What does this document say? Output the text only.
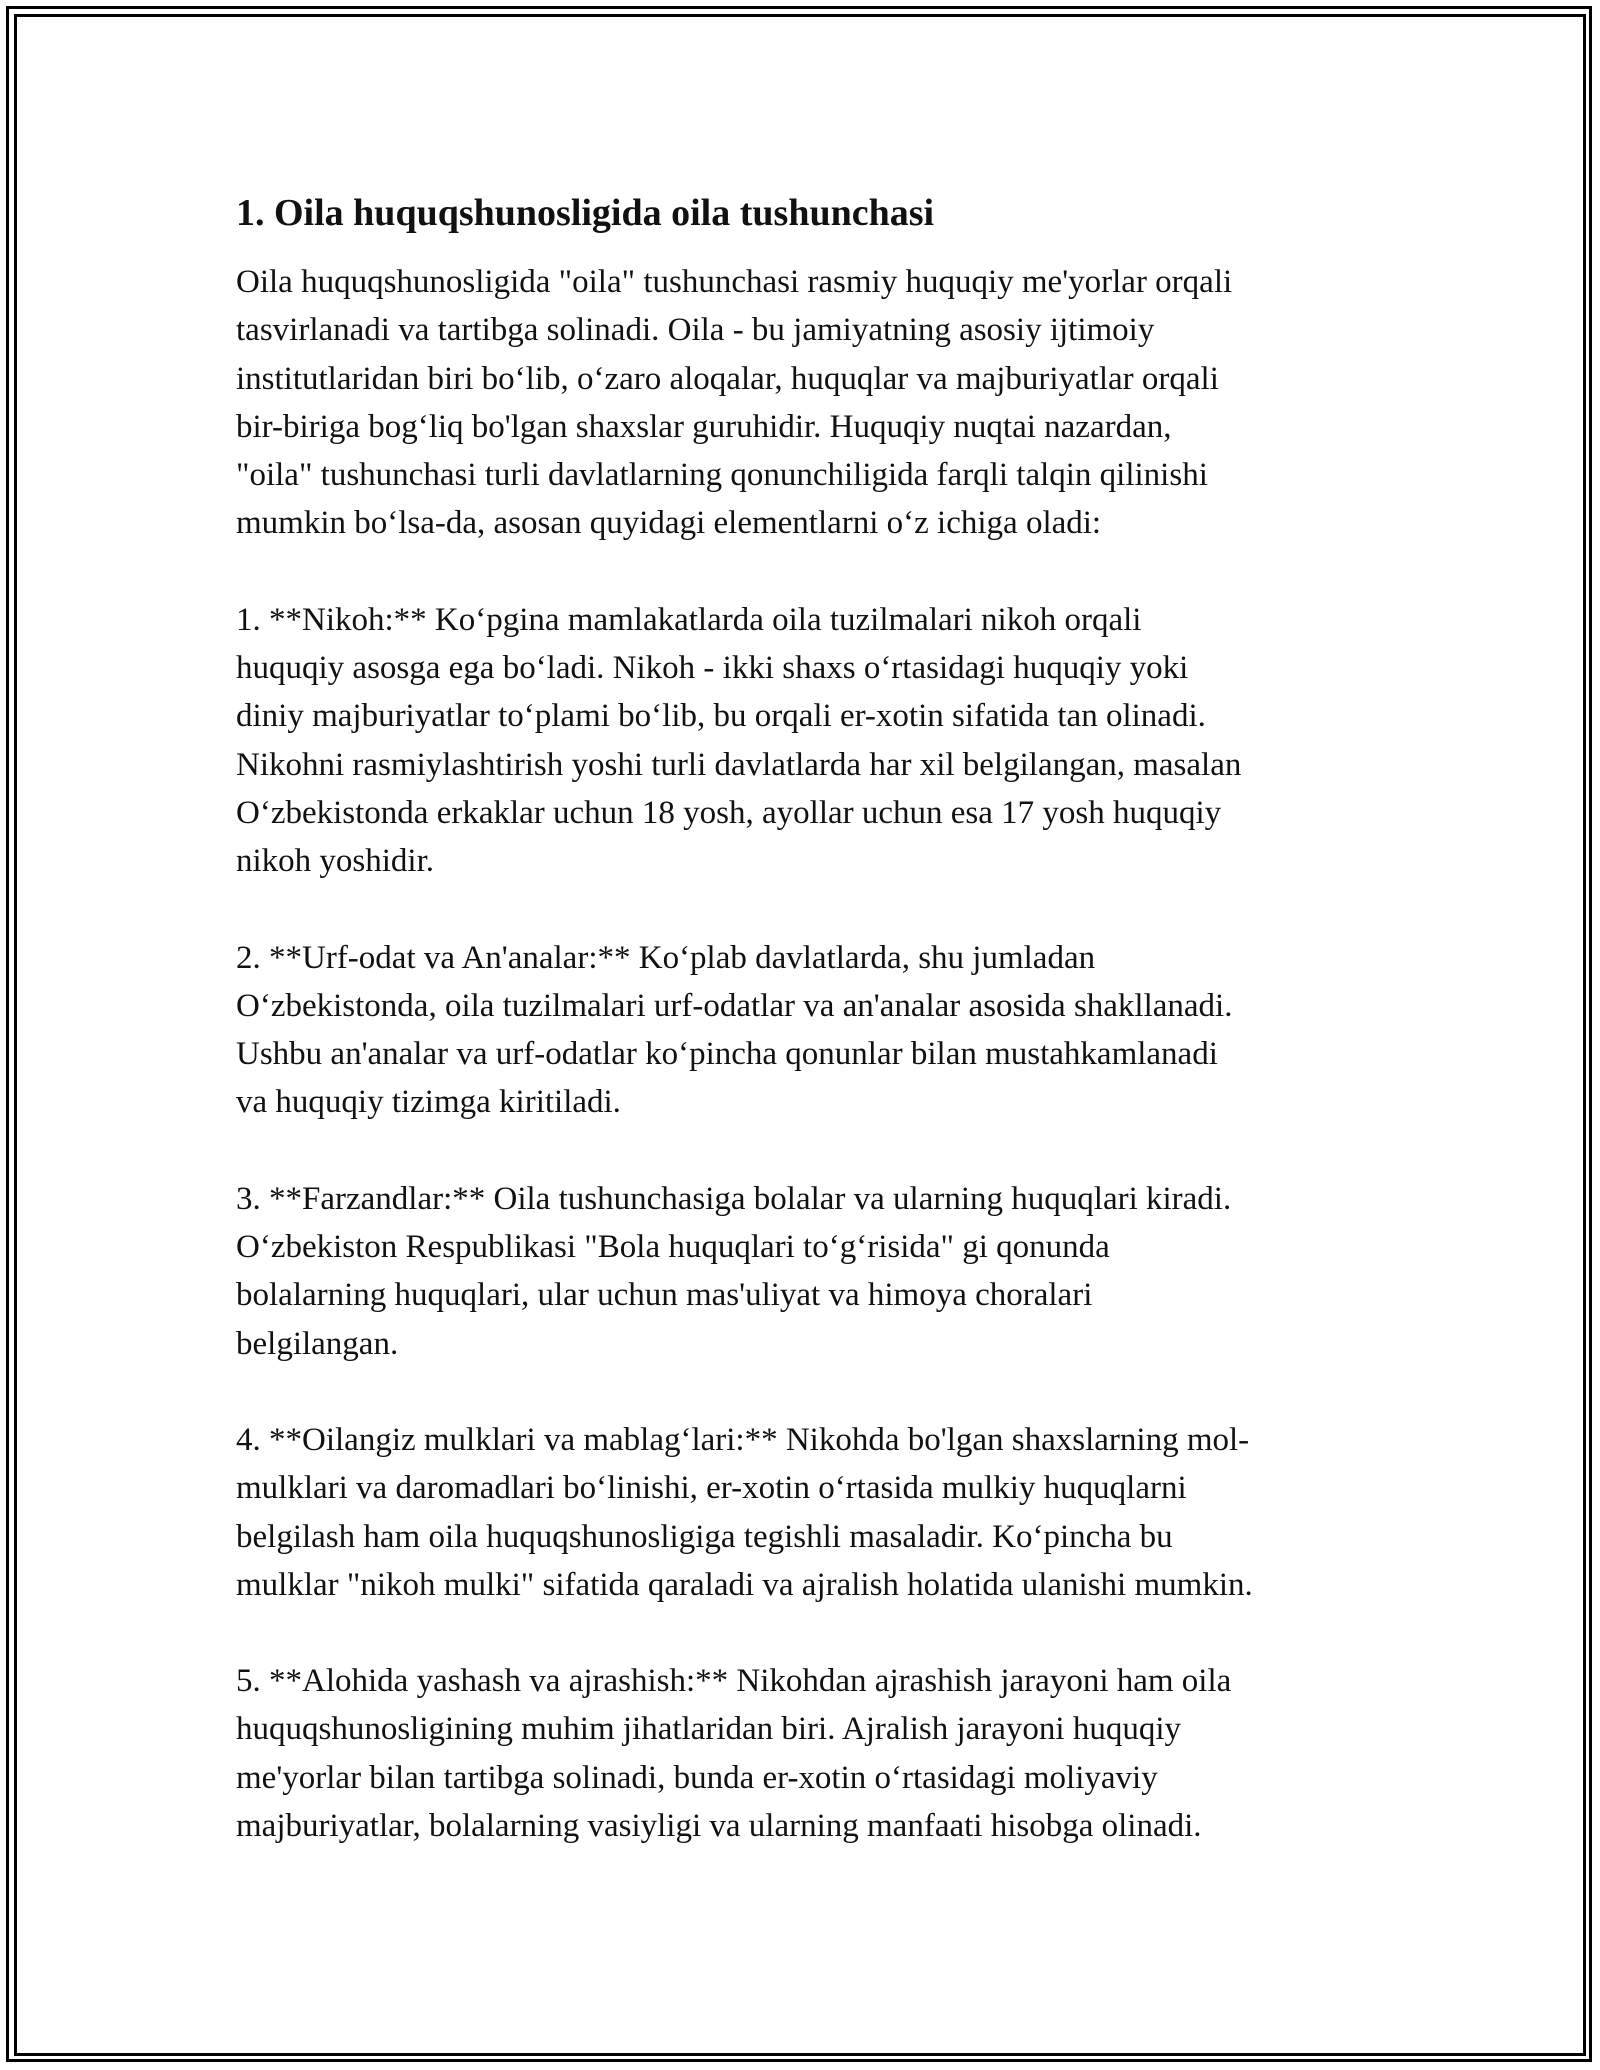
1. Oila huquqshunosligida oila tushunchasi

Oila huquqshunosligida "oila" tushunchasi rasmiy huquqiy me'yorlar orqali
tasvirlanadi va tartibga solinadi. Oila - bu jamiyatning asosiy ijtimoiy
institutlaridan biri bo‘lib, o‘zaro aloqalar, huquqlar va majburiyatlar orqali
bir-biriga bog‘liq bo'lgan shaxslar guruhidir. Huquqiy nuqtai nazardan,
"oila" tushunchasi turli davlatlarning qonunchiligida farqli talqin qilinishi
mumkin bo‘lsa-da, asosan quyidagi elementlarni o‘z ichiga oladi:

1. **Nikoh:** Ko‘pgina mamlakatlarda oila tuzilmalari nikoh orqali
huquqiy asosga ega bo‘ladi. Nikoh - ikki shaxs o‘rtasidagi huquqiy yoki
diniy majburiyatlar to‘plami bo‘lib, bu orqali er-xotin sifatida tan olinadi.
Nikohni rasmiylashtirish yoshi turli davlatlarda har xil belgilangan, masalan
O‘zbekistonda erkaklar uchun 18 yosh, ayollar uchun esa 17 yosh huquqiy
nikoh yoshidir.

2. **Urf-odat va An'analar:** Ko‘plab davlatlarda, shu jumladan
O‘zbekistonda, oila tuzilmalari urf-odatlar va an'analar asosida shakllanadi.
Ushbu an'analar va urf-odatlar ko‘pincha qonunlar bilan mustahkamlanadi
va huquqiy tizimga kiritiladi.

3. **Farzandlar:** Oila tushunchasiga bolalar va ularning huquqlari kiradi.
O‘zbekiston Respublikasi "Bola huquqlari to‘g‘risida" gi qonunda
bolalarning huquqlari, ular uchun mas'uliyat va himoya choralari
belgilangan.

4. **Oilangiz mulklari va mablag‘lari:** Nikohda bo'lgan shaxslarning mol-
mulklari va daromadlari bo‘linishi, er-xotin o‘rtasida mulkiy huquqlarni
belgilash ham oila huquqshunosligiga tegishli masaladir. Ko‘pincha bu
mulklar "nikoh mulki" sifatida qaraladi va ajralish holatida ulanishi mumkin.

5. **Alohida yashash va ajrashish:** Nikohdan ajrashish jarayoni ham oila
huquqshunosligining muhim jihatlaridan biri. Ajralish jarayoni huquqiy
me'yorlar bilan tartibga solinadi, bunda er-xotin o‘rtasidagi moliyaviy
majburiyatlar, bolalarning vasiyligi va ularning manfaati hisobga olinadi.
